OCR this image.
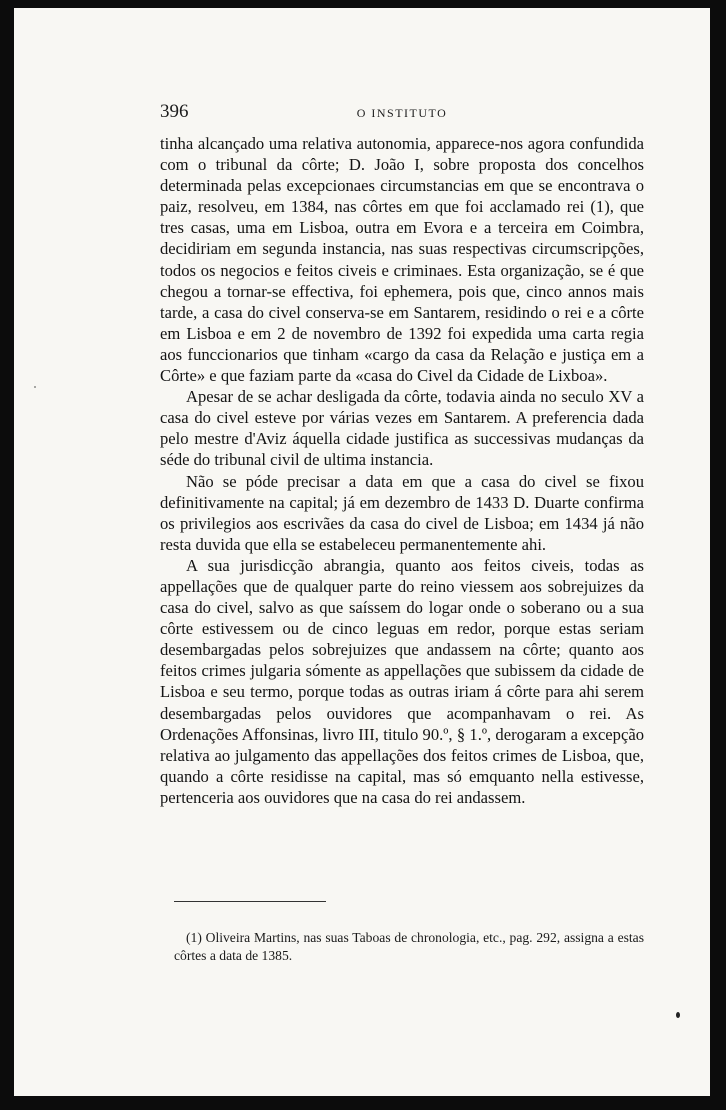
396	O INSTITUTO

tinha alcançado uma relativa autonomia, apparece-nos agora confundida com o tribunal da côrte; D. João I, sobre proposta dos concelhos determinada pelas excepcionaes circumstancias em que se encontrava o paiz, resolveu, em 1384, nas côrtes em que foi acclamado rei (1), que tres casas, uma em Lisboa, outra em Evora e a terceira em Coimbra, decidiriam em segunda instancia, nas suas respectivas circumscripções, todos os negocios e feitos civeis e criminaes. Esta organização, se é que chegou a tornar-se effectiva, foi ephemera, pois que, cinco annos mais tarde, a casa do civel conserva-se em Santarem, residindo o rei e a côrte em Lisboa e em 2 de novembro de 1392 foi expedida uma carta regia aos funccionarios que tinham «cargo da casa da Relação e justiça em a Côrte» e que faziam parte da «casa do Civel da Cidade de Lixboa».

Apesar de se achar desligada da côrte, todavia ainda no seculo XV a casa do civel esteve por várias vezes em Santarem. A preferencia dada pelo mestre d'Aviz áquella cidade justifica as successivas mudanças da séde do tribunal civil de ultima instancia.

Não se póde precisar a data em que a casa do civel se fixou definitivamente na capital; já em dezembro de 1433 D. Duarte confirma os privilegios aos escrivães da casa do civel de Lisboa; em 1434 já não resta duvida que ella se estabeleceu permanentemente ahi.

A sua jurisdicção abrangia, quanto aos feitos civeis, todas as appellações que de qualquer parte do reino viessem aos sobrejuizes da casa do civel, salvo as que saíssem do logar onde o soberano ou a sua côrte estivessem ou de cinco leguas em redor, porque estas seriam desembargadas pelos sobrejuizes que andassem na côrte; quanto aos feitos crimes julgaria sómente as appellações que subissem da cidade de Lisboa e seu termo, porque todas as outras iriam á côrte para ahi serem desembargadas pelos ouvidores que acompanhavam o rei. As Ordenações Affonsinas, livro III, titulo 90.º, § 1.º, derogaram a excepção relativa ao julgamento das appellações dos feitos crimes de Lisboa, que, quando a côrte residisse na capital, mas só emquanto nella estivesse, pertenceria aos ouvidores que na casa do rei andassem.

(1) Oliveira Martins, nas suas Taboas de chronologia, etc., pag. 292, assigna a estas côrtes a data de 1385.
